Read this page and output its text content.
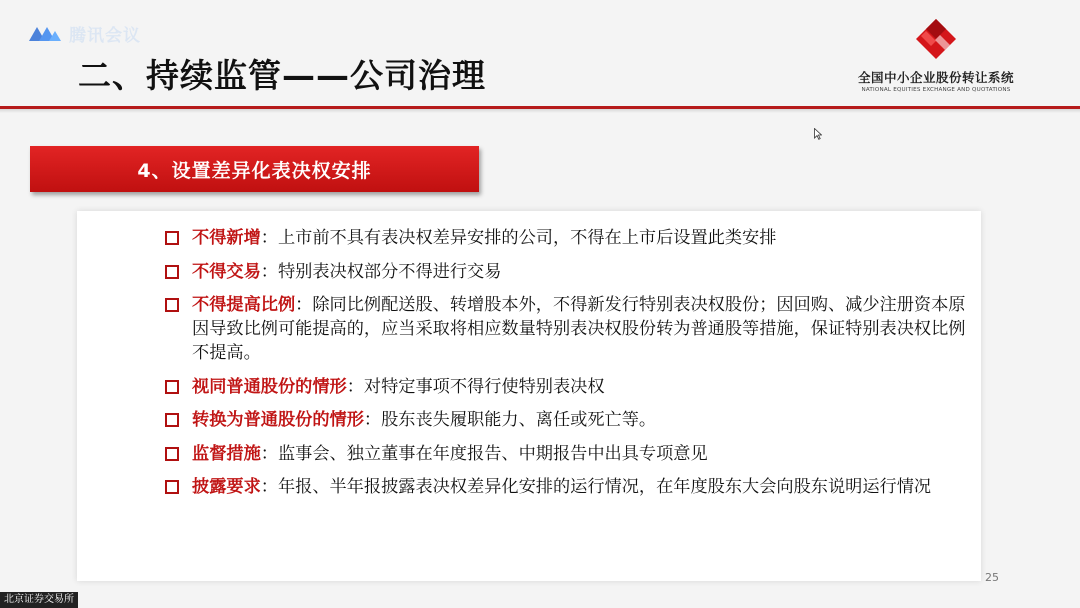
腾讯会议
二、持续监管——公司治理	全国中小企业股份转让系统
NATIONAL EQUITIES EXCHANGE AND QUOTATIONS
4、设置差异化表决权安排
不得新增：上市前不具有表决权差异安排的公司，不得在上市后设置此类安排
不得交易：特别表决权部分不得进行交易
不得提高比例：除同比例配送股、转增股本外，不得新发行特别表决权股份；因回购、减少注册资本原因导致比例可能提高的，应当采取将相应数量特别表决权股份转为普通股等措施，保证特别表决权比例不提高。
视同普通股份的情形：对特定事项不得行使特别表决权
转换为普通股份的情形：股东丧失履职能力、离任或死亡等。
监督措施：监事会、独立董事在年度报告、中期报告中出具专项意见
披露要求：年报、半年报披露表决权差异化安排的运行情况，在年度股东大会向股东说明运行情况
25
北京证券交易所
